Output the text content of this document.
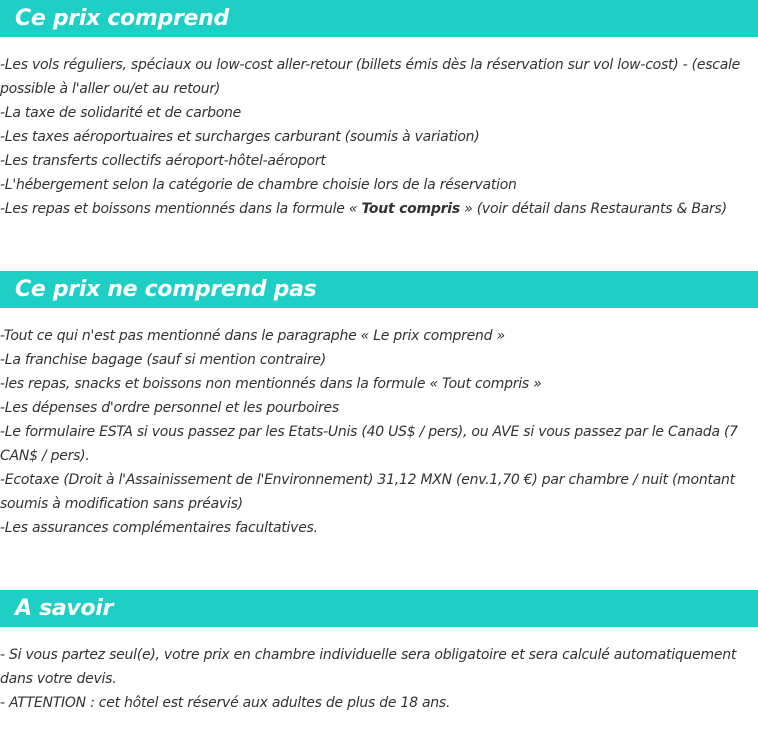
Ce prix comprend
-Les vols réguliers, spéciaux ou low-cost aller-retour (billets émis dès la réservation sur vol low-cost) - (escale possible à l'aller ou/et au retour)
-La taxe de solidarité et de carbone
-Les taxes aéroportuaires et surcharges carburant (soumis à variation)
-Les transferts collectifs aéroport-hôtel-aéroport
-L'hébergement selon la catégorie de chambre choisie lors de la réservation
-Les repas et boissons mentionnés dans la formule « Tout compris » (voir détail dans Restaurants & Bars)
Ce prix ne comprend pas
-Tout ce qui n'est pas mentionné dans le paragraphe « Le prix comprend »
-La franchise bagage (sauf si mention contraire)
-les repas, snacks et boissons non mentionnés dans la formule « Tout compris »
-Les dépenses d'ordre personnel et les pourboires
-Le formulaire ESTA si vous passez par les Etats-Unis (40 US$ / pers), ou AVE si vous passez par le Canada (7 CAN$ / pers).
-Ecotaxe (Droit à l'Assainissement de l'Environnement) 31,12 MXN (env.1,70 €) par chambre / nuit (montant soumis à modification sans préavis)
-Les assurances complémentaires facultatives.
A savoir
- Si vous partez seul(e), votre prix en chambre individuelle sera obligatoire et sera calculé automatiquement dans votre devis.
- ATTENTION : cet hôtel est réservé aux adultes de plus de 18 ans.
